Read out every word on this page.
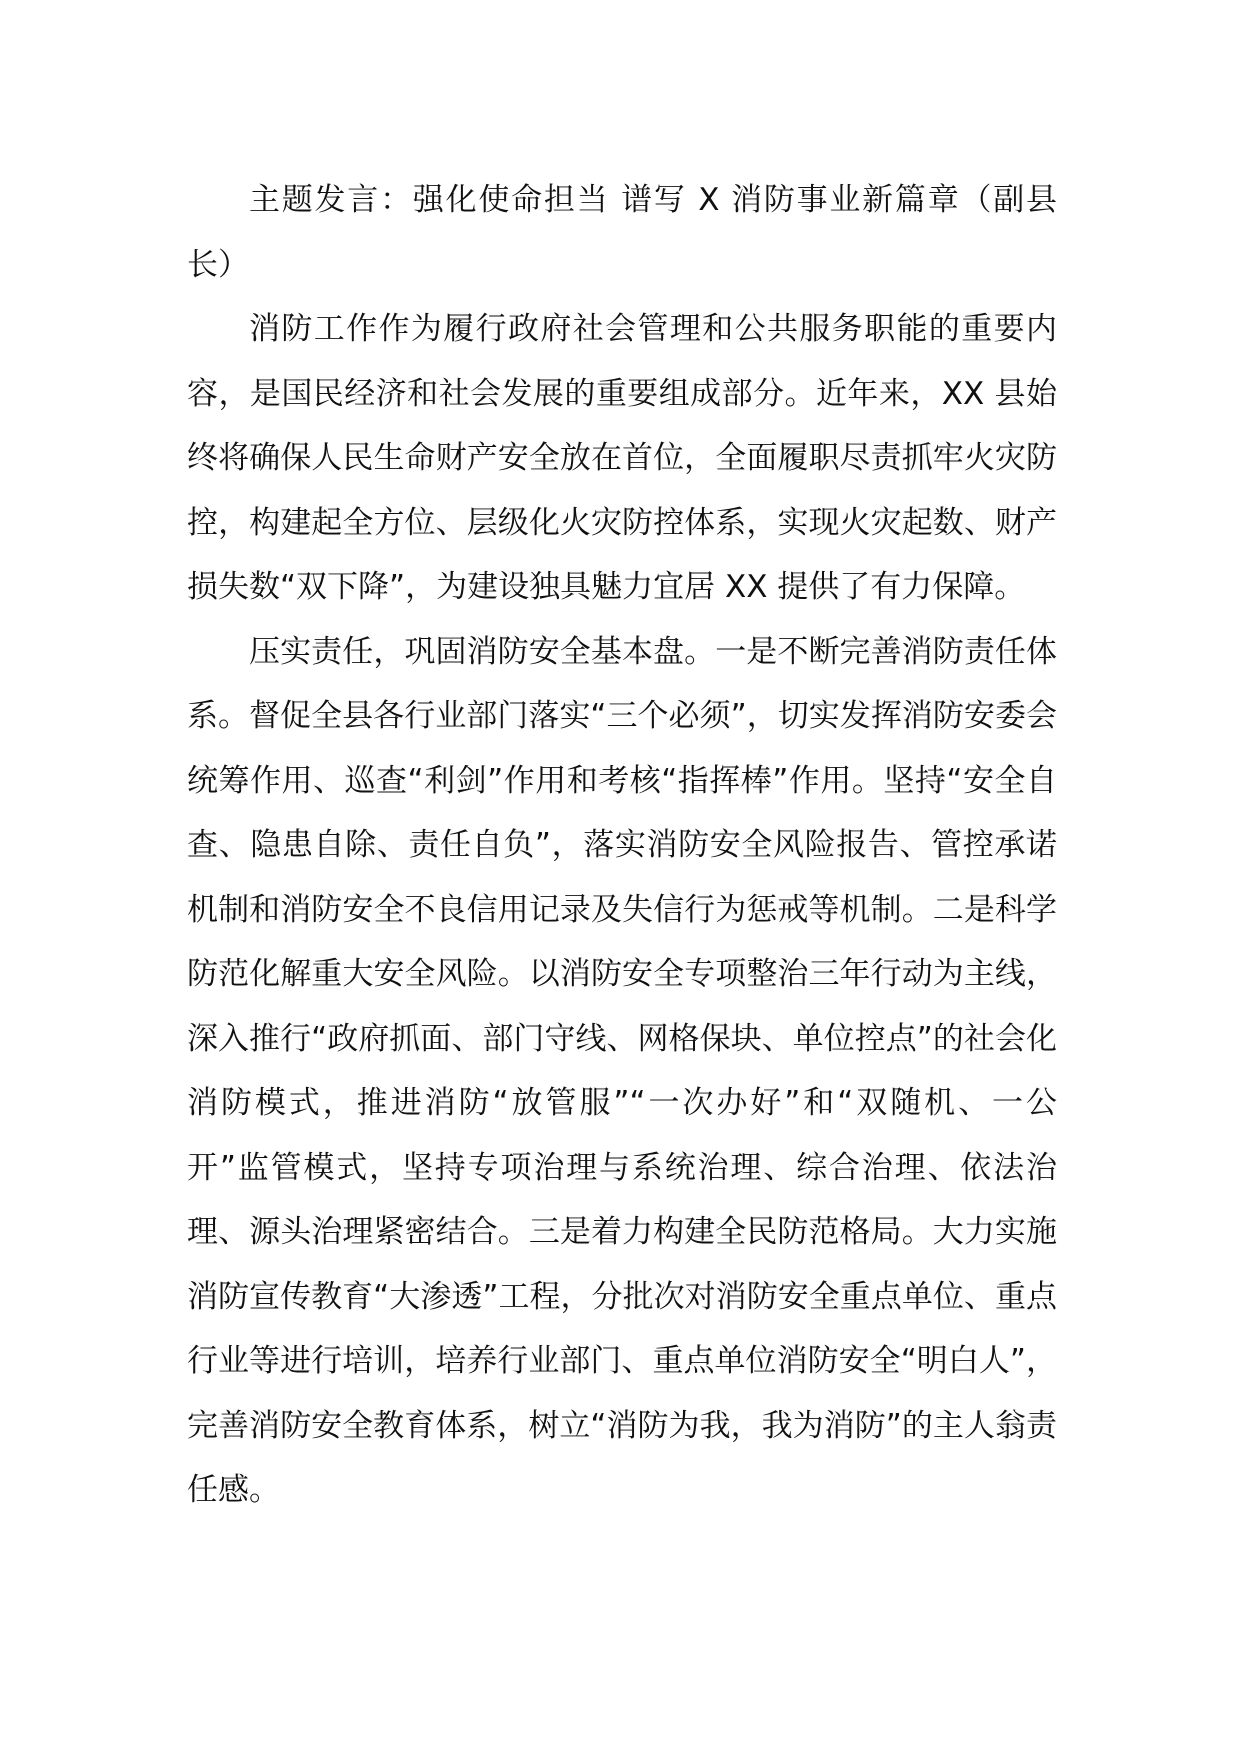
主题发言：强化使命担当 谱写 X 消防事业新篇章（副县长）

消防工作作为履行政府社会管理和公共服务职能的重要内容，是国民经济和社会发展的重要组成部分。近年来，XX 县始终将确保人民生命财产安全放在首位，全面履职尽责抓牢火灾防控，构建起全方位、层级化火灾防控体系，实现火灾起数、财产损失数“双下降”，为建设独具魅力宜居 XX 提供了有力保障。

压实责任，巩固消防安全基本盘。一是不断完善消防责任体系。督促全县各行业部门落实“三个必须”，切实发挥消防安委会统筹作用、巡查“利剑”作用和考核“指挥棒”作用。坚持“安全自查、隐患自除、责任自负”，落实消防安全风险报告、管控承诺机制和消防安全不良信用记录及失信行为惩戒等机制。二是科学防范化解重大安全风险。以消防安全专项整治三年行动为主线，深入推行“政府抓面、部门守线、网格保块、单位控点”的社会化消防模式，推进消防“放管服”“一次办好”和“双随机、一公开”监管模式，坚持专项治理与系统治理、综合治理、依法治理、源头治理紧密结合。三是着力构建全民防范格局。大力实施消防宣传教育“大渗透”工程，分批次对消防安全重点单位、重点行业等进行培训，培养行业部门、重点单位消防安全“明白人”，完善消防安全教育体系，树立“消防为我，我为消防”的主人翁责任感。
